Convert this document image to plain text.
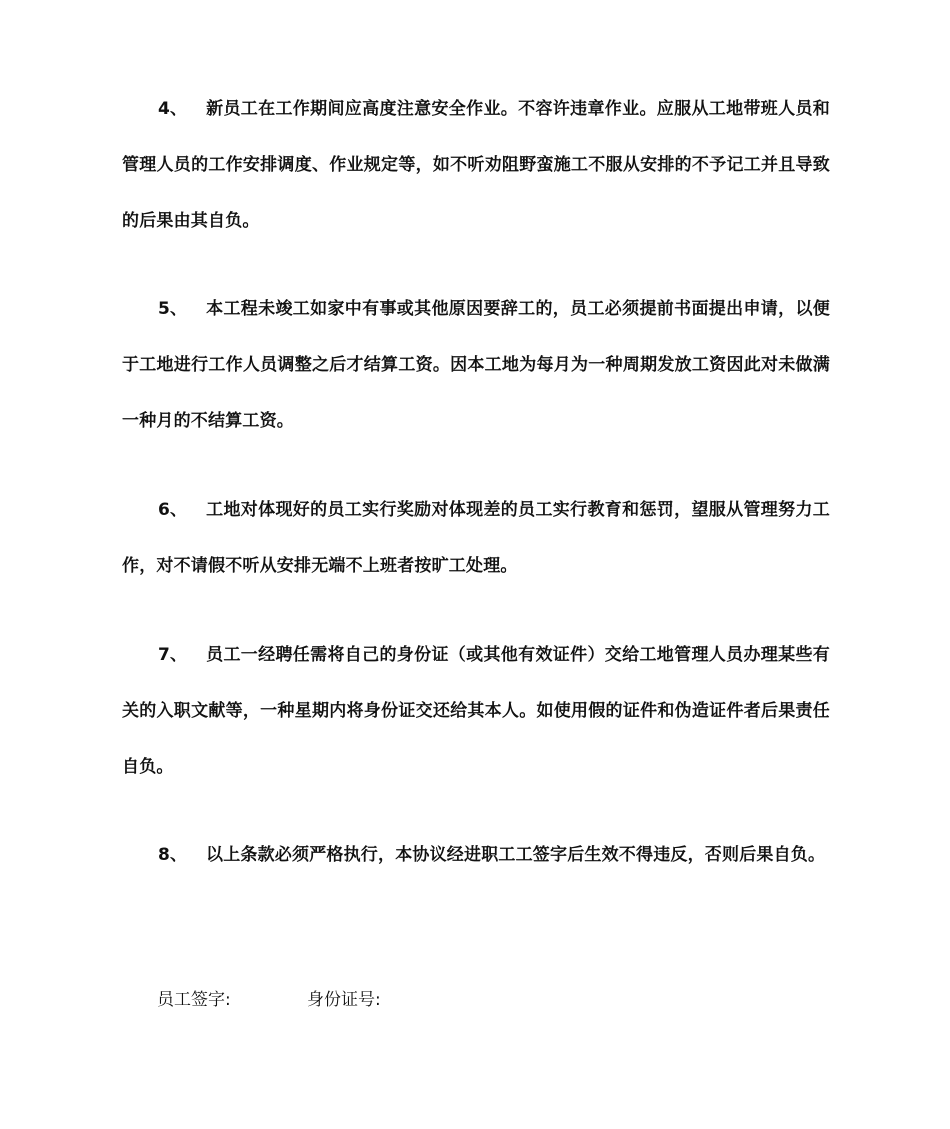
4、 新员工在工作期间应高度注意安全作业。不容许违章作业。应服从工地带班人员和管理人员的工作安排调度、作业规定等，如不听劝阻野蛮施工不服从安排的不予记工并且导致的后果由其自负。
5、 本工程未竣工如家中有事或其他原因要辞工的，员工必须提前书面提出申请，以便于工地进行工作人员调整之后才结算工资。因本工地为每月为一种周期发放工资因此对未做满一种月的不结算工资。
6、 工地对体现好的员工实行奖励对体现差的员工实行教育和惩罚，望服从管理努力工作，对不请假不听从安排无端不上班者按旷工处理。
7、 员工一经聘任需将自己的身份证（或其他有效证件）交给工地管理人员办理某些有关的入职文献等，一种星期内将身份证交还给其本人。如使用假的证件和伪造证件者后果责任自负。
8、 以上条款必须严格执行，本协议经进职工工签字后生效不得违反，否则后果自负。
员工签字:	身份证号:
